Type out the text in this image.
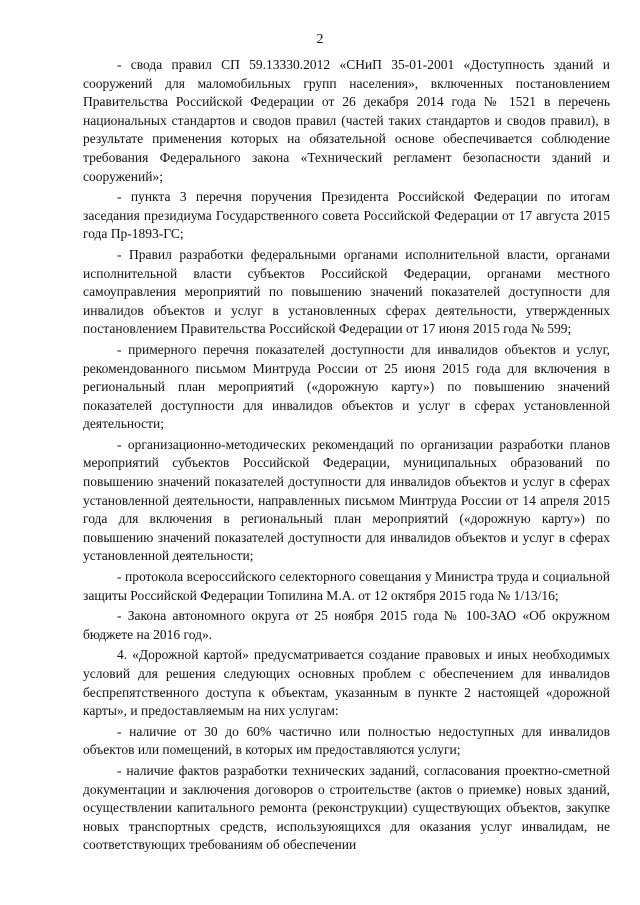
2

- свода правил СП 59.13330.2012 «СНиП 35-01-2001 «Доступность зданий и сооружений для маломобильных групп населения», включенных постановлением Правительства Российской Федерации от 26 декабря 2014 года № 1521 в перечень национальных стандартов и сводов правил (частей таких стандартов и сводов правил), в результате применения которых на обязательной основе обеспечивается соблюдение требования Федерального закона «Технический регламент безопасности зданий и сооружений»;

- пункта 3 перечня поручения Президента Российской Федерации по итогам заседания президиума Государственного совета Российской Федерации от 17 августа 2015 года Пр-1893-ГС;

- Правил разработки федеральными органами исполнительной власти, органами исполнительной власти субъектов Российской Федерации, органами местного самоуправления мероприятий по повышению значений показателей доступности для инвалидов объектов и услуг в установленных сферах деятельности, утвержденных постановлением Правительства Российской Федерации от 17 июня 2015 года № 599;

- примерного перечня показателей доступности для инвалидов объектов и услуг, рекомендованного письмом Минтруда России от 25 июня 2015 года для включения в региональный план мероприятий («дорожную карту») по повышению значений показателей доступности для инвалидов объектов и услуг в сферах установленной деятельности;

- организационно-методических рекомендаций по организации разработки планов мероприятий субъектов Российской Федерации, муниципальных образований по повышению значений показателей доступности для инвалидов объектов и услуг в сферах установленной деятельности, направленных письмом Минтруда России от 14 апреля 2015 года для включения в региональный план мероприятий («дорожную карту») по повышению значений показателей доступности для инвалидов объектов и услуг в сферах установленной деятельности;

- протокола всероссийского селекторного совещания у Министра труда и социальной защиты Российской Федерации Топилина М.А. от 12 октября 2015 года № 1/13/16;

- Закона автономного округа от 25 ноября 2015 года № 100-ЗАО «Об окружном бюджете на 2016 год».

4. «Дорожной картой» предусматривается создание правовых и иных необходимых условий для решения следующих основных проблем с обеспечением для инвалидов беспрепятственного доступа к объектам, указанным в пункте 2 настоящей «дорожной карты», и предоставляемым на них услугам:

- наличие от 30 до 60% частично или полностью недоступных для инвалидов объектов или помещений, в которых им предоставляются услуги;

- наличие фактов разработки технических заданий, согласования проектно-сметной документации и заключения договоров о строительстве (актов о приемке) новых зданий, осуществлении капитального ремонта (реконструкции) существующих объектов, закупке новых транспортных средств, используюящихся для оказания услуг инвалидам, не соответствующих требованиям об обеспечении
